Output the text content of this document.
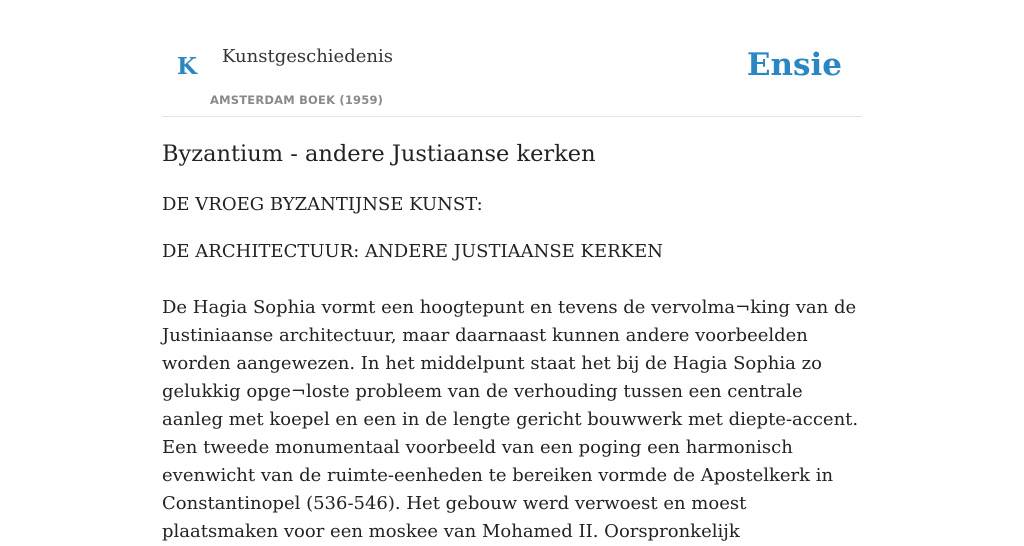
K Kunstgeschiedenis
AMSTERDAM BOEK (1959)
Ensie
Byzantium - andere Justiaanse kerken

DE VROEG BYZANTIJNSE KUNST:

DE ARCHITECTUUR: ANDERE JUSTIAANSE KERKEN

De Hagia Sophia vormt een hoogtepunt en tevens de vervolma¬king van de Justiniaanse architectuur, maar daarnaast kunnen andere voorbeelden worden aangewezen. In het middelpunt staat het bij de Hagia Sophia zo gelukkig opge¬loste probleem van de verhouding tussen een centrale aanleg met koepel en een in de lengte gericht bouwwerk met diepte-accent. Een tweede monumentaal voorbeeld van een poging een harmonisch evenwicht van de ruimte-eenheden te bereiken vormde de Apostelkerk in Constantinopel (536-546). Het gebouw werd verwoest en moest plaatsmaken voor een moskee van Mohamed II. Oorspronkelijk
